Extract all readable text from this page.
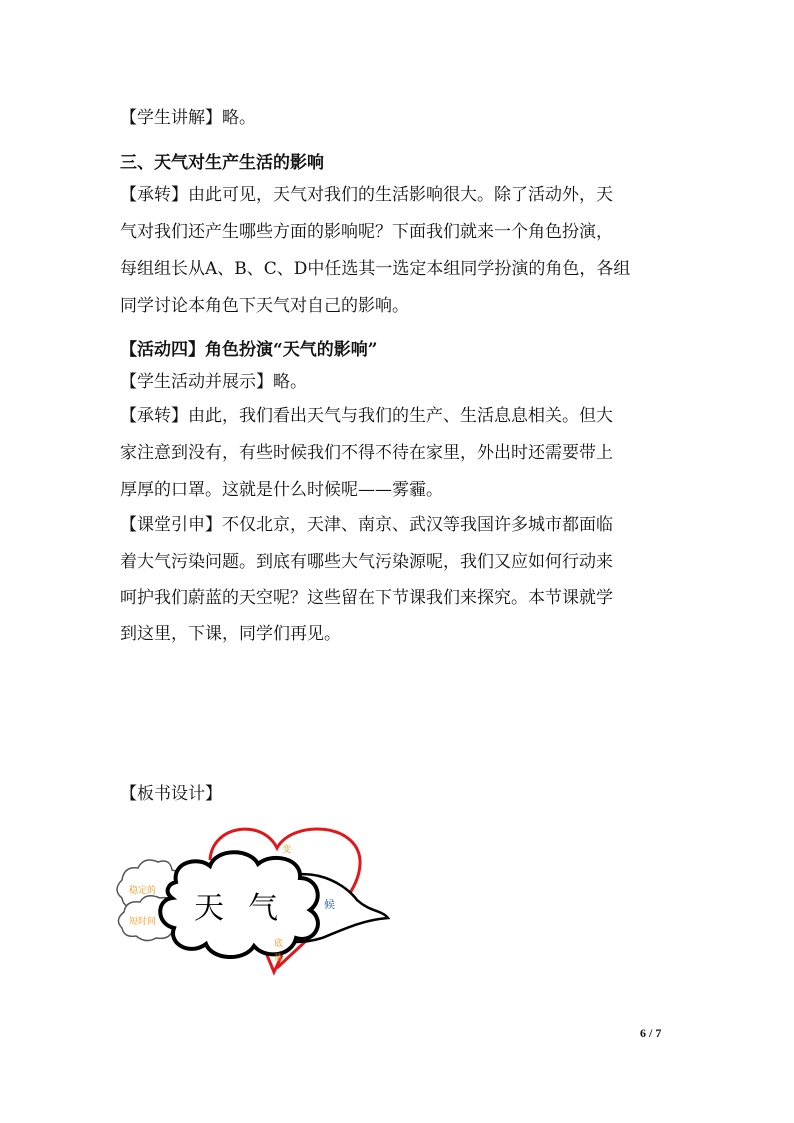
【学生讲解】略。
三、天气对生产生活的影响
【承转】由此可见，天气对我们的生活影响很大。除了活动外，天
气对我们还产生哪些方面的影响呢？下面我们就来一个角色扮演，
每组组长从A、B、C、D中任选其一选定本组同学扮演的角色，各组
同学讨论本角色下天气对自己的影响。
【活动四】角色扮演“天气的影响”
【学生活动并展示】略。
【承转】由此，我们看出天气与我们的生产、生活息息相关。但大
家注意到没有，有些时候我们不得不待在家里，外出时还需要带上
厚厚的口罩。这就是什么时候呢——雾霾。
【课堂引申】不仅北京，天津、南京、武汉等我国许多城市都面临
着大气污染问题。到底有哪些大气污染源呢，我们又应如何行动来
呵护我们蔚蓝的天空呢？这些留在下节课我们来探究。本节课就学
到这里，下课，同学们再见。
【板书设计】
稳定的
短时间 天 气
变
候
底
量
6 / 7
